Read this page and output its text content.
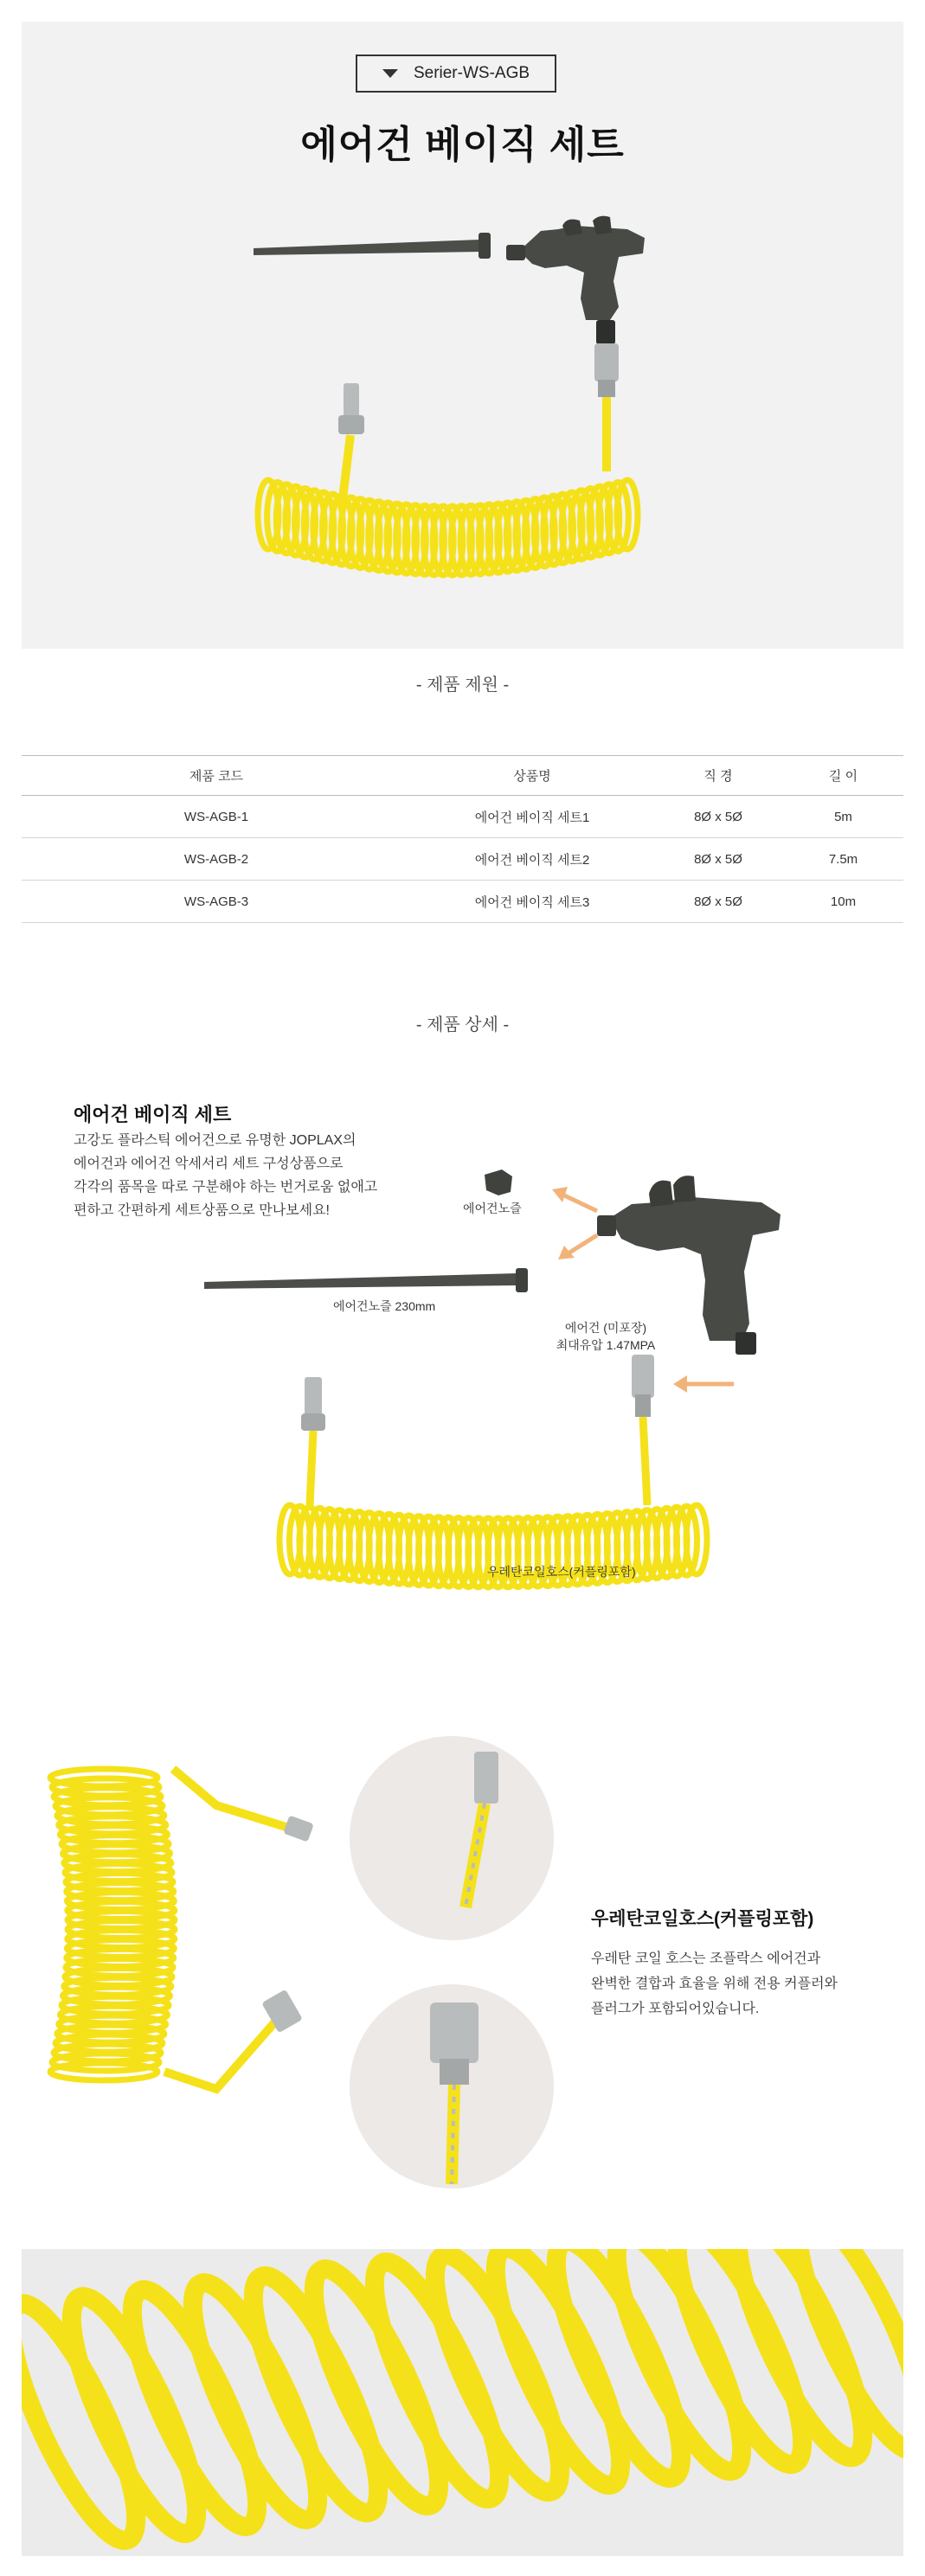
Serier-WS-AGB
에어건 베이직 세트
- 제품 제원 -
제품 코드	상품명	직 경	길 이
WS-AGB-1	에어건 베이직 세트1	8Ø x 5Ø	5m
WS-AGB-2	에어건 베이직 세트2	8Ø x 5Ø	7.5m
WS-AGB-3	에어건 베이직 세트3	8Ø x 5Ø	10m
- 제품 상세 -
에어건 베이직 세트
고강도 플라스틱 에어건으로 유명한 JOPLAX의
에어건과 에어건 악세서리 세트 구성상품으로
각각의 품목을 따로 구분해야 하는 번거로움 없애고
편하고 간편하게 세트상품으로 만나보세요!	에어건노즐
에어건노즐 230mm
에어건 (미포장)
최대유압 1.47MPA
우레탄코일호스(커플링포함)
우레탄코일호스(커플링포함)
우레탄 코일 호스는 조플락스 에어건과
완벽한 결합과 효율을 위해 전용 커플러와
플러그가 포함되어있습니다.
